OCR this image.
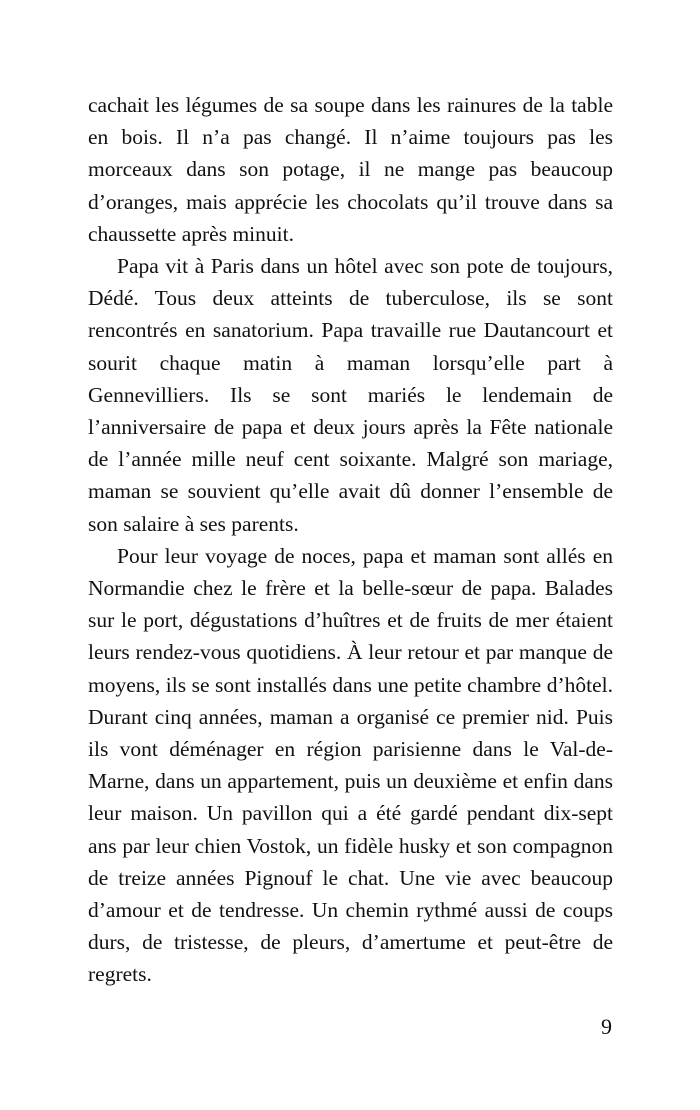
cachait les légumes de sa soupe dans les rainures de la table en bois. Il n’a pas changé. Il n’aime toujours pas les morceaux dans son potage, il ne mange pas beaucoup d’oranges, mais apprécie les chocolats qu’il trouve dans sa chaussette après minuit.

Papa vit à Paris dans un hôtel avec son pote de toujours, Dédé. Tous deux atteints de tuberculose, ils se sont rencontrés en sanatorium. Papa travaille rue Dautancourt et sourit chaque matin à maman lorsqu’elle part à Gennevilliers. Ils se sont mariés le lendemain de l’anniversaire de papa et deux jours après la Fête nationale de l’année mille neuf cent soixante. Malgré son mariage, maman se souvient qu’elle avait dû donner l’ensemble de son salaire à ses parents.

Pour leur voyage de noces, papa et maman sont allés en Normandie chez le frère et la belle-sœur de papa. Balades sur le port, dégustations d’huîtres et de fruits de mer étaient leurs rendez-vous quotidiens. À leur retour et par manque de moyens, ils se sont installés dans une petite chambre d’hôtel. Durant cinq années, maman a organisé ce premier nid. Puis ils vont déménager en région parisienne dans le Val-de-Marne, dans un appartement, puis un deuxième et enfin dans leur maison. Un pavillon qui a été gardé pendant dix-sept ans par leur chien Vostok, un fidèle husky et son compagnon de treize années Pignouf le chat. Une vie avec beaucoup d’amour et de tendresse. Un chemin rythmé aussi de coups durs, de tristesse, de pleurs, d’amertume et peut-être de regrets.

9
